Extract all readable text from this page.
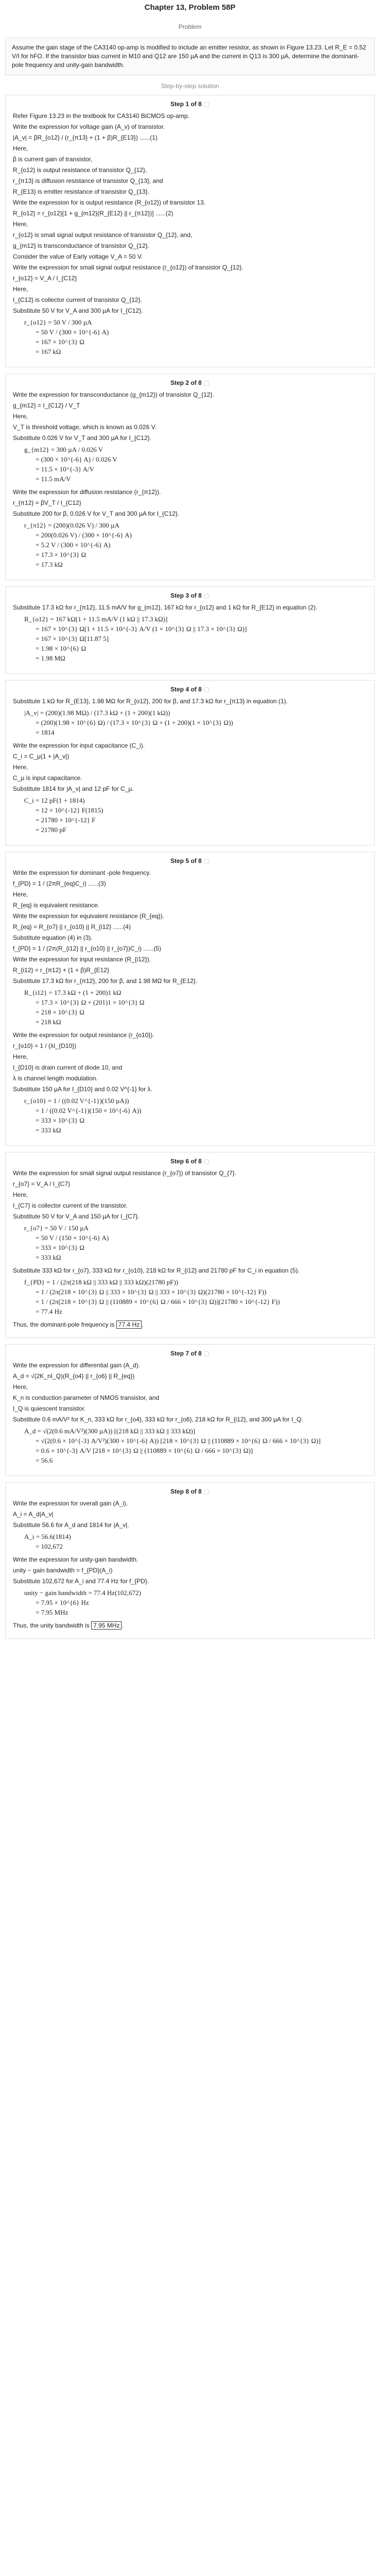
Chapter 13, Problem 58P
Problem
Assume the gain stage of the CA3140 op-amp is modified to include an emitter resistor, as shown in Figure 13.23. Let R_E = 0.52 V/I for hFO. If the transistor bias current in M10 and Q12 are 150 µA and the current in Q13 is 300 µA, determine the dominant-pole frequency and unity-gain bandwidth.
Step-by-step solution
Step 1 of 8 ▢

Refer Figure 13.23 in the textbook for CA3140 BiCMOS op-amp.

Write the expression for voltage gain (A_v) of transistor.

|A_v| = βR_{o12} / (r_{π13} + (1 + β)R_{E13}) ......(1)

Here,

β is current gain of transistor,

R_{o12} is output resistance of transistor Q_{12},

r_{π13} is diffusion resistance of transistor Q_{13}, and

R_{E13} is emitter resistance of transistor Q_{13}.

Write the expression for is output resistance (R_{o12}) of transistor 13.

R_{o12} = r_{o12}[1 + g_{m12}(R_{E12} || r_{π12})] ......(2)

Here,

r_{o12} is small signal output resistance of transistor Q_{12}, and,

g_{m12} is transconductance of transistor Q_{12}.

Consider the value of Early voltage V_A = 50 V.

Write the expression for small signal output resistance (r_{o12}) of transistor Q_{12}.

r_{o12} = V_A / I_{C12}

Here,

I_{C12} is collector current of transistor Q_{12}.

Substitute 50 V for V_A and 300 µA for I_{C12}.

r_{o12} = 50 V / 300 µA
= 50 V / (300 × 10^{-6} A)
= 167 × 10^{3} Ω
= 167 kΩ
Step 2 of 8 ▢

Write the expression for transconductance (g_{m12}) of transistor Q_{12}.

g_{m12} = I_{C12} / V_T

Here,

V_T is threshold voltage, which is known as 0.026 V.

Substitute 0.026 V for V_T and 300 µA for I_{C12}.

g_{m12} = 300 µA / 0.026 V
= (300 × 10^{-6} A) / 0.026 V
= 11.5 × 10^{-3} A/V
= 11.5 mA/V

Write the expression for diffusion resistance (r_{π12}).

r_{π12} = βV_T / I_{C12}

Substitute 200 for β, 0.026 V for V_T and 300 µA for I_{C12}.

r_{π12} = (200)(0.026 V) / 300 µA
= 200(0.026 V) / (300 × 10^{-6} A)
= 5.2 V / (300 × 10^{-6} A)
= 17.3 × 10^{3} Ω
= 17.3 kΩ
Step 3 of 8 ▢

Substitute 17.3 kΩ for r_{π12}, 11.5 mA/V for g_{m12}, 167 kΩ for r_{o12} and 1 kΩ for R_{E12} in equation (2).

R_{o12} = 167 kΩ[1 + 11.5 mA/V (1 kΩ || 17.3 kΩ)]
= 167 × 10^{3} Ω[1 + 11.5 × 10^{-3} A/V (1 × 10^{3} Ω || 17.3 × 10^{3} Ω)]
= 167 × 10^{3} Ω[11.87 5]
= 1.98 × 10^{6} Ω
= 1.98 MΩ
Step 4 of 8 ▢

Substitute 1 kΩ for R_{E13}, 1.98 MΩ for R_{o12}, 200 for β, and 17.3 kΩ for r_{π13} in equation (1).

|A_v| = (200)(1.98 MΩ) / (17.3 kΩ + (1 + 200)(1 kΩ))
= (200)(1.98 × 10^{6} Ω) / (17.3 × 10^{3} Ω + (1 + 200)(1 × 10^{3} Ω))
= 1814

Write the expression for input capacitance (C_i).

C_i = C_μ(1 + |A_v|)

Here,

C_μ is input capacitance.

Substitute 1814 for |A_v| and 12 pF for C_μ.

C_i = 12 pF(1 + 1814)
= 12 × 10^{-12} F(1815)
= 21780 × 10^{-12} F
= 21780 pF
Step 5 of 8 ▢

Write the expression for dominant -pole frequency.

f_{PD} = 1 / (2πR_{eq}C_i) ......(3)

Here,

R_{eq} is equivalent resistance.

Write the expression for equivalent resistance (R_{eq}).

R_{eq} = R_{o7} || r_{o10} || R_{i12} ......(4)

Substitute equation (4) in (3).

f_{PD} = 1 / (2π(R_{i12} || r_{o10} || r_{o7})C_i) ......(5)

Write the expression for input resistance (R_{i12}).

R_{i12} = r_{π12} + (1 + β)R_{E12}

Substitute 17.3 kΩ for r_{π12}, 200 for β, and 1.98 MΩ for R_{E12}.

R_{i12} = 17.3 kΩ + (1 + 200)1 kΩ
= 17.3 × 10^{3} Ω + (201)1 × 10^{3} Ω
= 218 × 10^{3} Ω
= 218 kΩ

Write the expression for output resistance (r_{o10}).

r_{o10} = 1 / (λI_{D10})

Here,

I_{D10} is drain current of diode 10, and

λ is channel length modulation.

Substitute 150 µA for I_{D10} and 0.02 V^{-1} for λ.

r_{o10} = 1 / ((0.02 V^{-1})(150 µA))
= 1 / ((0.02 V^{-1})(150 × 10^{-6} A))
= 333 × 10^{3} Ω
= 333 kΩ
Step 6 of 8 ▢

Write the expression for small signal output resistance (r_{o7}) of transistor Q_{7}.

r_{o7} = V_A / I_{C7}

Here,

I_{C7} is collector current of the transistor.

Substitute 50 V for V_A and 150 µA for I_{C7}.

r_{o7} = 50 V / 150 µA
= 50 V / (150 × 10^{-6} A)
= 333 × 10^{3} Ω
= 333 kΩ

Substitute 333 kΩ for r_{o7}, 333 kΩ for r_{o10}, 218 kΩ for R_{i12} and 21780 pF for C_i in equation (5).

f_{PD} = 1 / (2π(218 kΩ || 333 kΩ || 333 kΩ)(21780 pF))
= 1 / (2π(218 × 10^{3} Ω || 333 × 10^{3} Ω || 333 × 10^{3} Ω)(21780 × 10^{-12} F))
= 1 / (2π[218 × 10^{3} Ω || (110889 × 10^{6} Ω / 666 × 10^{3} Ω)](21780 × 10^{-12} F))
= 77.4 Hz

Thus, the dominant-pole frequency is 77.4 Hz .

Step 7 of 8 ▢

Write the expression for differential gain (A_d).

A_d = √(2K_nI_Q)(R_{o4} || r_{o6} || R_{eq})

Here,

K_n is conduction parameter of NMOS transistor, and

I_Q is quiescent transistor.

Substitute 0.6 mA/V² for K_n, 333 kΩ for r_{o4}, 333 kΩ for r_{o6}, 218 kΩ for R_{i12}, and 300 µA for I_Q.

A_d = √(2(0.6 mA/V²)(300 µA)) [(218 kΩ || 333 kΩ || 333 kΩ)]
= √(2(0.6 × 10^{-3} A/V²)(300 × 10^{-6} A)) [218 × 10^{3} Ω || (110889 × 10^{6} Ω / 666 × 10^{3} Ω)]
= 0.6 × 10^{-3} A/V [218 × 10^{3} Ω || (110889 × 10^{6} Ω / 666 × 10^{3} Ω)]
= 56.6
Step 8 of 8 ▢

Write the expression for overall gain (A_i).

A_i = A_d|A_v|

Substitute 56.6 for A_d and 1814 for |A_v|.

A_i = 56.6(1814)
= 102,672

Write the expression for unity-gain bandwidth.

unity − gain bandwidth = f_{PD}(A_i)

Substitute 102,672 for A_i and 77.4 Hz for f_{PD}.

unity − gain bandwidth = 77.4 Hz(102,672)
= 7.95 × 10^{6} Hz
= 7.95 MHz

Thus, the unity bandwidth is 7.95 MHz .
